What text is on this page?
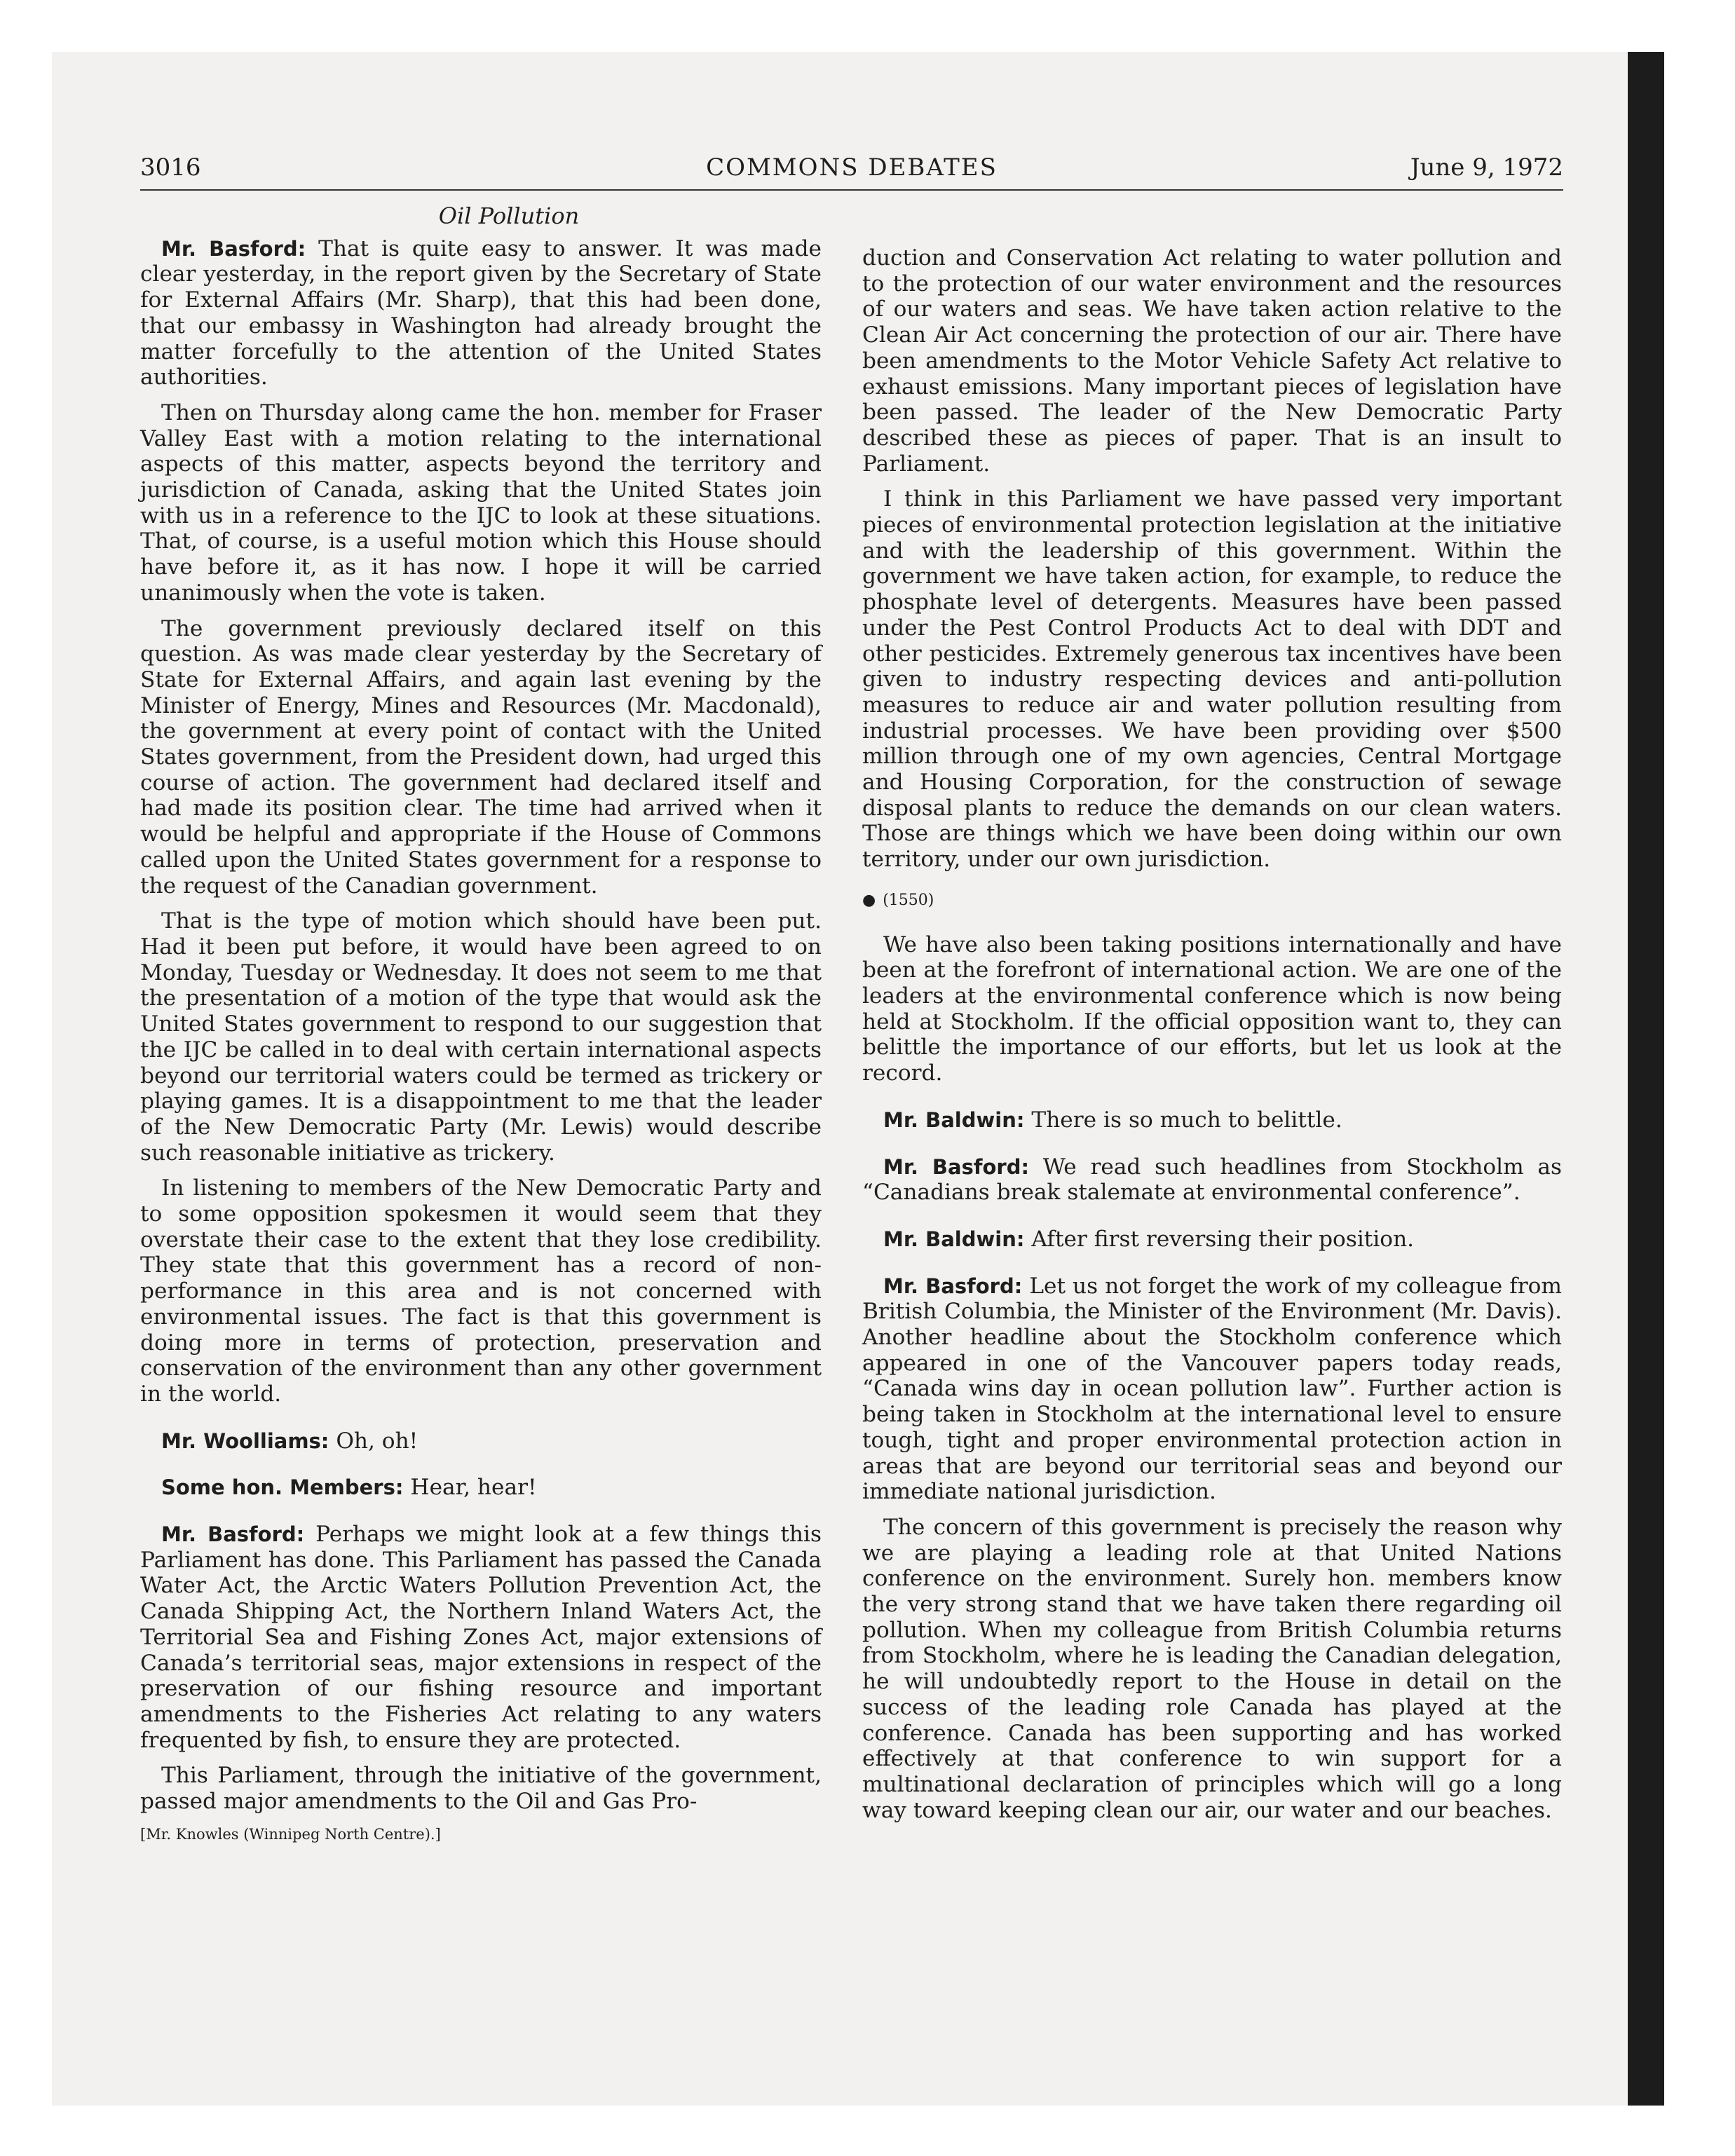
3016	COMMONS DEBATES	June 9, 1972
Oil Pollution

Mr. Basford: That is quite easy to answer. It was made clear yesterday, in the report given by the Secretary of State for External Affairs (Mr. Sharp), that this had been done, that our embassy in Washington had already brought the matter forcefully to the attention of the United States authorities.

Then on Thursday along came the hon. member for Fraser Valley East with a motion relating to the international aspects of this matter, aspects beyond the territory and jurisdiction of Canada, asking that the United States join with us in a reference to the IJC to look at these situations. That, of course, is a useful motion which this House should have before it, as it has now. I hope it will be carried unanimously when the vote is taken.

The government previously declared itself on this question. As was made clear yesterday by the Secretary of State for External Affairs, and again last evening by the Minister of Energy, Mines and Resources (Mr. Macdonald), the government at every point of contact with the United States government, from the President down, had urged this course of action. The government had declared itself and had made its position clear. The time had arrived when it would be helpful and appropriate if the House of Commons called upon the United States government for a response to the request of the Canadian government.

That is the type of motion which should have been put. Had it been put before, it would have been agreed to on Monday, Tuesday or Wednesday. It does not seem to me that the presentation of a motion of the type that would ask the United States government to respond to our suggestion that the IJC be called in to deal with certain international aspects beyond our territorial waters could be termed as trickery or playing games. It is a disappointment to me that the leader of the New Democratic Party (Mr. Lewis) would describe such reasonable initiative as trickery.

In listening to members of the New Democratic Party and to some opposition spokesmen it would seem that they overstate their case to the extent that they lose credibility. They state that this government has a record of non-performance in this area and is not concerned with environmental issues. The fact is that this government is doing more in terms of protection, preservation and conservation of the environment than any other government in the world.

Mr. Woolliams: Oh, oh!

Some hon. Members: Hear, hear!

Mr. Basford: Perhaps we might look at a few things this Parliament has done. This Parliament has passed the Canada Water Act, the Arctic Waters Pollution Prevention Act, the Canada Shipping Act, the Northern Inland Waters Act, the Territorial Sea and Fishing Zones Act, major extensions of Canada’s territorial seas, major extensions in respect of the preservation of our fishing resource and important amendments to the Fisheries Act relating to any waters frequented by fish, to ensure they are protected.

This Parliament, through the initiative of the government, passed major amendments to the Oil and Gas Pro-

[Mr. Knowles (Winnipeg North Centre).]

duction and Conservation Act relating to water pollution and to the protection of our water environment and the resources of our waters and seas. We have taken action relative to the Clean Air Act concerning the protection of our air. There have been amendments to the Motor Vehicle Safety Act relative to exhaust emissions. Many important pieces of legislation have been passed. The leader of the New Democratic Party described these as pieces of paper. That is an insult to Parliament.

I think in this Parliament we have passed very important pieces of environmental protection legislation at the initiative and with the leadership of this government. Within the government we have taken action, for example, to reduce the phosphate level of detergents. Measures have been passed under the Pest Control Products Act to deal with DDT and other pesticides. Extremely generous tax incentives have been given to industry respecting devices and anti-pollution measures to reduce air and water pollution resulting from industrial processes. We have been providing over $500 million through one of my own agencies, Central Mortgage and Housing Corporation, for the construction of sewage disposal plants to reduce the demands on our clean waters. Those are things which we have been doing within our own territory, under our own jurisdiction.

● (1550)

We have also been taking positions internationally and have been at the forefront of international action. We are one of the leaders at the environmental conference which is now being held at Stockholm. If the official opposition want to, they can belittle the importance of our efforts, but let us look at the record.

Mr. Baldwin: There is so much to belittle.

Mr. Basford: We read such headlines from Stockholm as “Canadians break stalemate at environmental conference”.

Mr. Baldwin: After first reversing their position.

Mr. Basford: Let us not forget the work of my colleague from British Columbia, the Minister of the Environment (Mr. Davis). Another headline about the Stockholm conference which appeared in one of the Vancouver papers today reads, “Canada wins day in ocean pollution law”. Further action is being taken in Stockholm at the international level to ensure tough, tight and proper environmental protection action in areas that are beyond our territorial seas and beyond our immediate national jurisdiction.

The concern of this government is precisely the reason why we are playing a leading role at that United Nations conference on the environment. Surely hon. members know the very strong stand that we have taken there regarding oil pollution. When my colleague from British Columbia returns from Stockholm, where he is leading the Canadian delegation, he will undoubtedly report to the House in detail on the success of the leading role Canada has played at the conference. Canada has been supporting and has worked effectively at that conference to win support for a multinational declaration of principles which will go a long way toward keeping clean our air, our water and our beaches.
